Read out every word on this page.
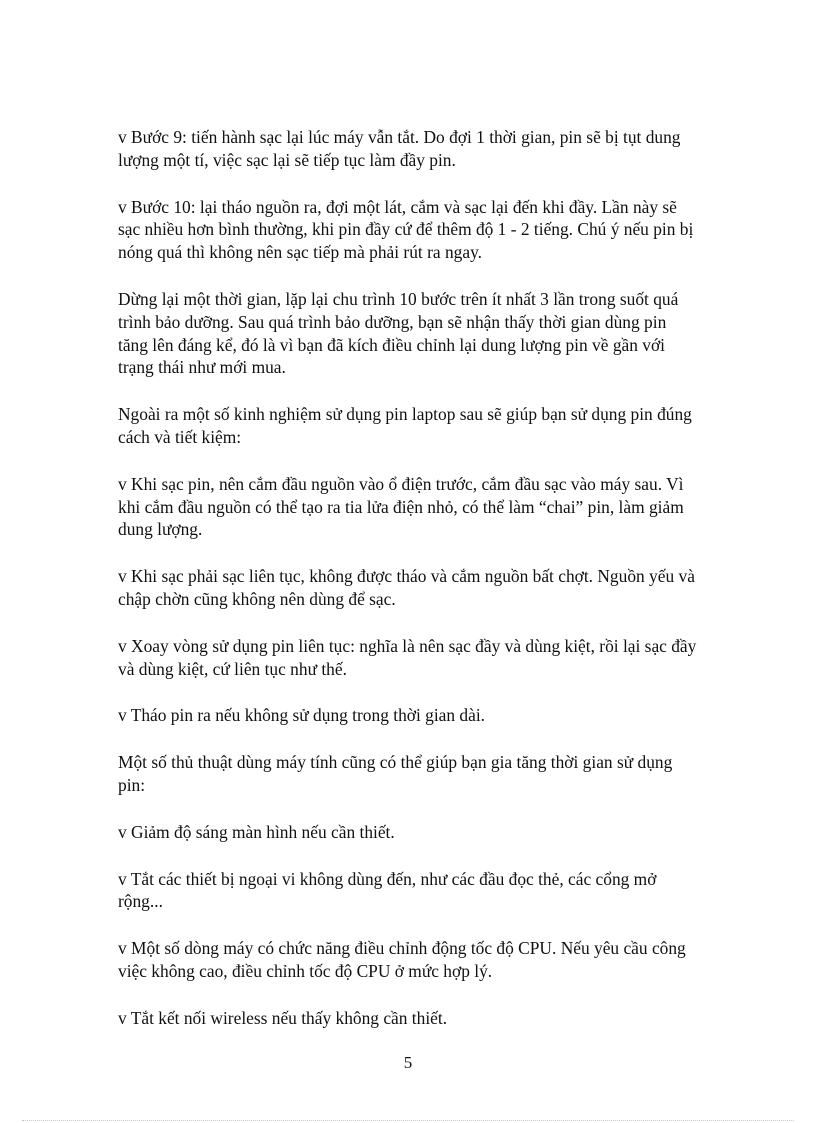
v Bước 9: tiến hành sạc lại lúc máy vẫn tắt. Do đợi 1 thời gian, pin sẽ bị tụt dung lượng một tí, việc sạc lại sẽ tiếp tục làm đầy pin.

v Bước 10: lại tháo nguồn ra, đợi một lát, cắm và sạc lại đến khi đầy. Lần này sẽ sạc nhiều hơn bình thường, khi pin đầy cứ để thêm độ 1 - 2 tiếng. Chú ý nếu pin bị nóng quá thì không nên sạc tiếp mà phải rút ra ngay.

Dừng lại một thời gian, lặp lại chu trình 10 bước trên ít nhất 3 lần trong suốt quá trình bảo dưỡng. Sau quá trình bảo dưỡng, bạn sẽ nhận thấy thời gian dùng pin tăng lên đáng kể, đó là vì bạn đã kích điều chỉnh lại dung lượng pin về gần với trạng thái như mới mua.

Ngoài ra một số kinh nghiệm sử dụng pin laptop sau sẽ giúp bạn sử dụng pin đúng cách và tiết kiệm:

v Khi sạc pin, nên cắm đầu nguồn vào ổ điện trước, cắm đầu sạc vào máy sau. Vì khi cắm đầu nguồn có thể tạo ra tia lửa điện nhỏ, có thể làm “chai” pin, làm giảm dung lượng.

v Khi sạc phải sạc liên tục, không được tháo và cắm nguồn bất chợt. Nguồn yếu và chập chờn cũng không nên dùng để sạc.

v Xoay vòng sử dụng pin liên tục: nghĩa là nên sạc đầy và dùng kiệt, rồi lại sạc đầy và dùng kiệt, cứ liên tục như thế.

v Tháo pin ra nếu không sử dụng trong thời gian dài.

Một số thủ thuật dùng máy tính cũng có thể giúp bạn gia tăng thời gian sử dụng pin:

v Giảm độ sáng màn hình nếu cần thiết.

v Tắt các thiết bị ngoại vi không dùng đến, như các đầu đọc thẻ, các cổng mở rộng...

v Một số dòng máy có chức năng điều chỉnh động tốc độ CPU. Nếu yêu cầu công việc không cao, điều chỉnh tốc độ CPU ở mức hợp lý.

v Tắt kết nối wireless nếu thấy không cần thiết.

5
